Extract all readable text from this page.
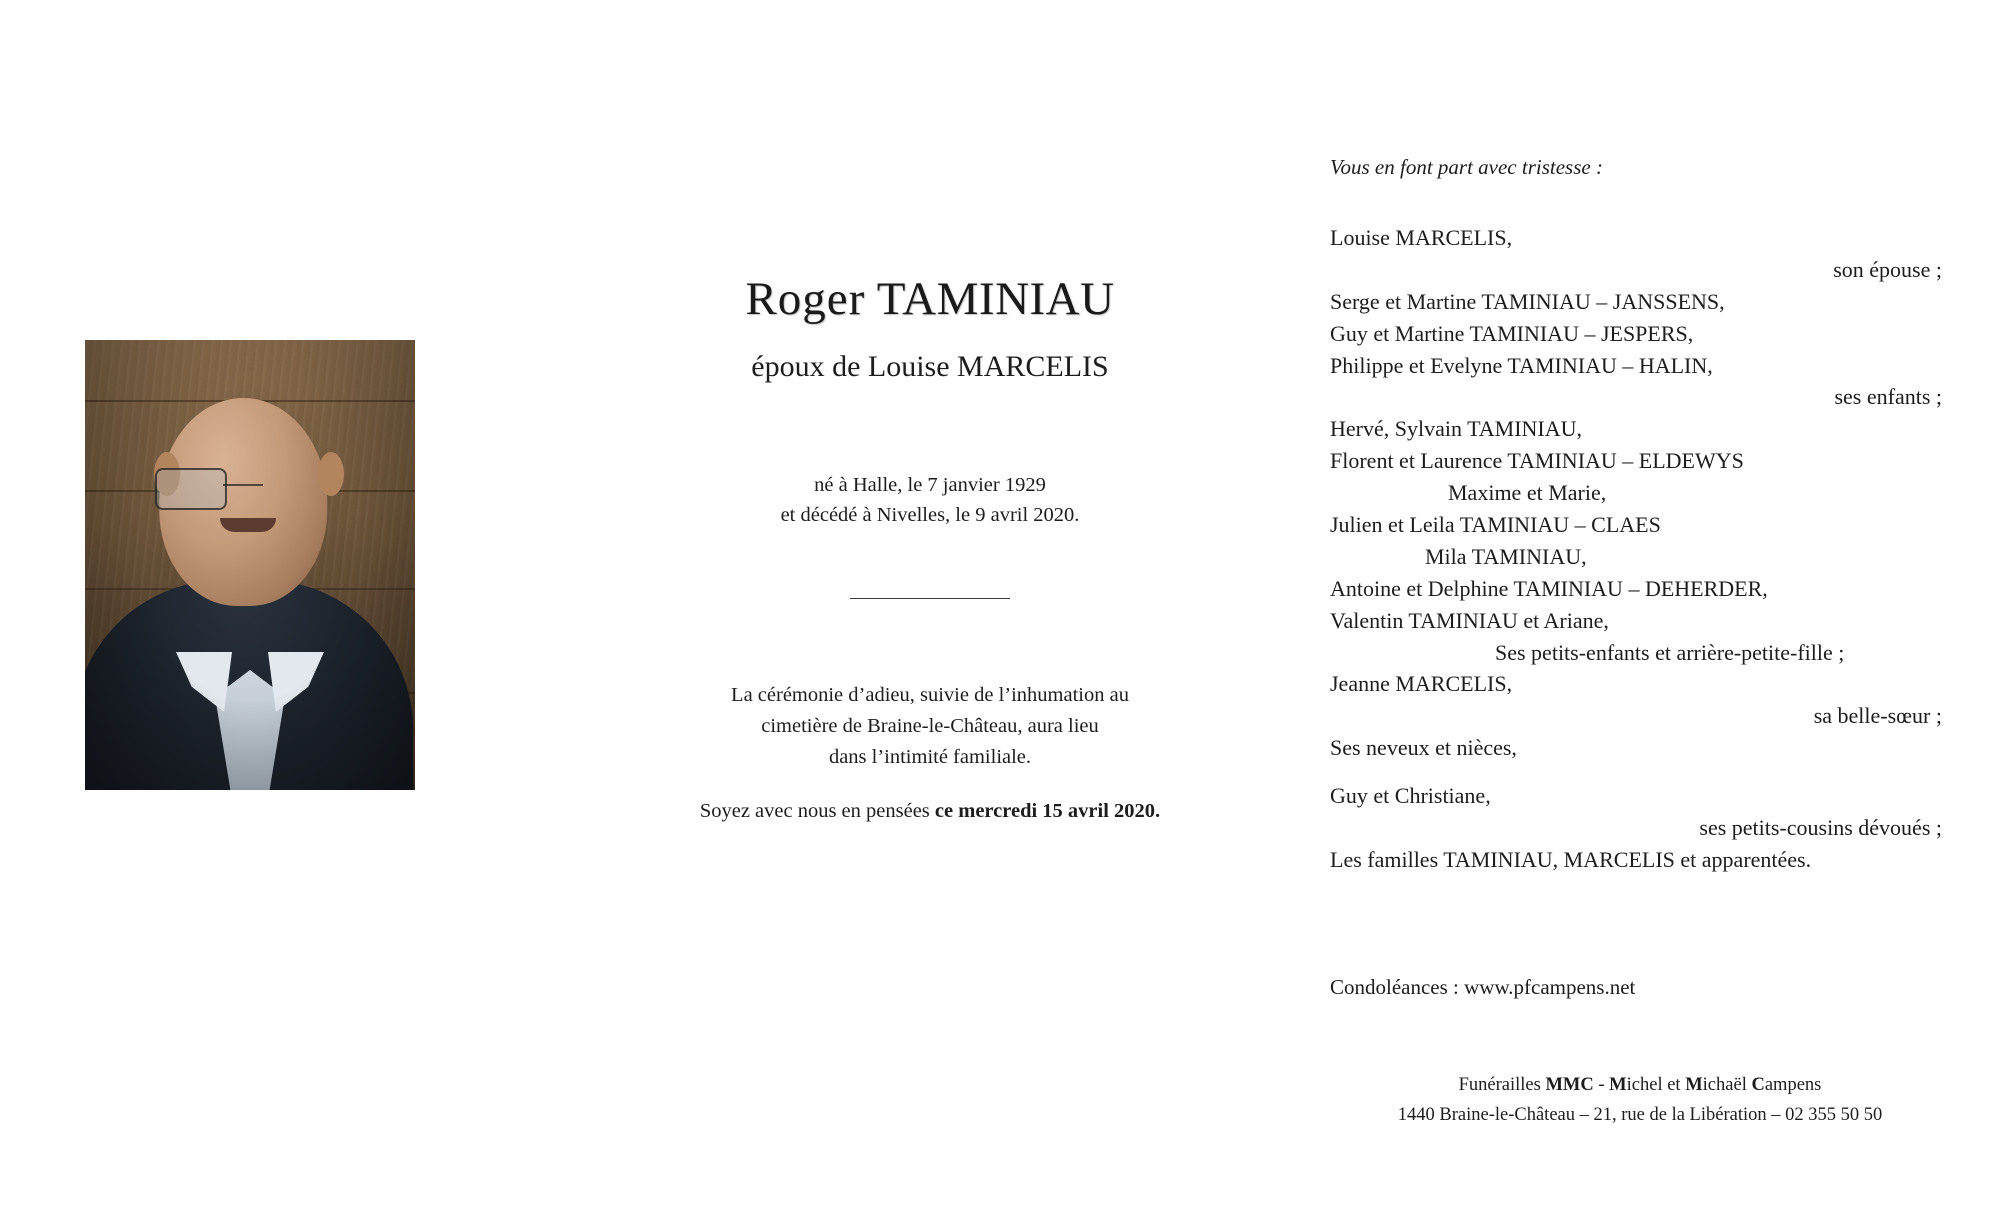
Roger TAMINIAU
époux de Louise MARCELIS
né à Halle, le 7 janvier 1929
et décédé à Nivelles, le 9 avril 2020.
La cérémonie d’adieu, suivie de l’inhumation au
cimetière de Braine-le-Château, aura lieu
dans l’intimité familiale.
Soyez avec nous en pensées ce mercredi 15 avril 2020.
Vous en font part avec tristesse :
Louise MARCELIS,
son épouse ;
Serge et Martine TAMINIAU – JANSSENS,
Guy et Martine TAMINIAU – JESPERS,
Philippe et Evelyne TAMINIAU – HALIN,
ses enfants ;
Hervé, Sylvain TAMINIAU,
Florent et Laurence TAMINIAU – ELDEWYS
Maxime et Marie,
Julien et Leila TAMINIAU – CLAES
Mila TAMINIAU,
Antoine et Delphine TAMINIAU – DEHERDER,
Valentin TAMINIAU et Ariane,
Ses petits-enfants et arrière-petite-fille ;
Jeanne MARCELIS,
sa belle-sœur ;
Ses neveux et nièces,
Guy et Christiane,
ses petits-cousins dévoués ;
Les familles TAMINIAU, MARCELIS et apparentées.
Condoléances : www.pfcampens.net
Funérailles MMC - Michel et Michaël Campens
1440 Braine-le-Château – 21, rue de la Libération – 02 355 50 50
